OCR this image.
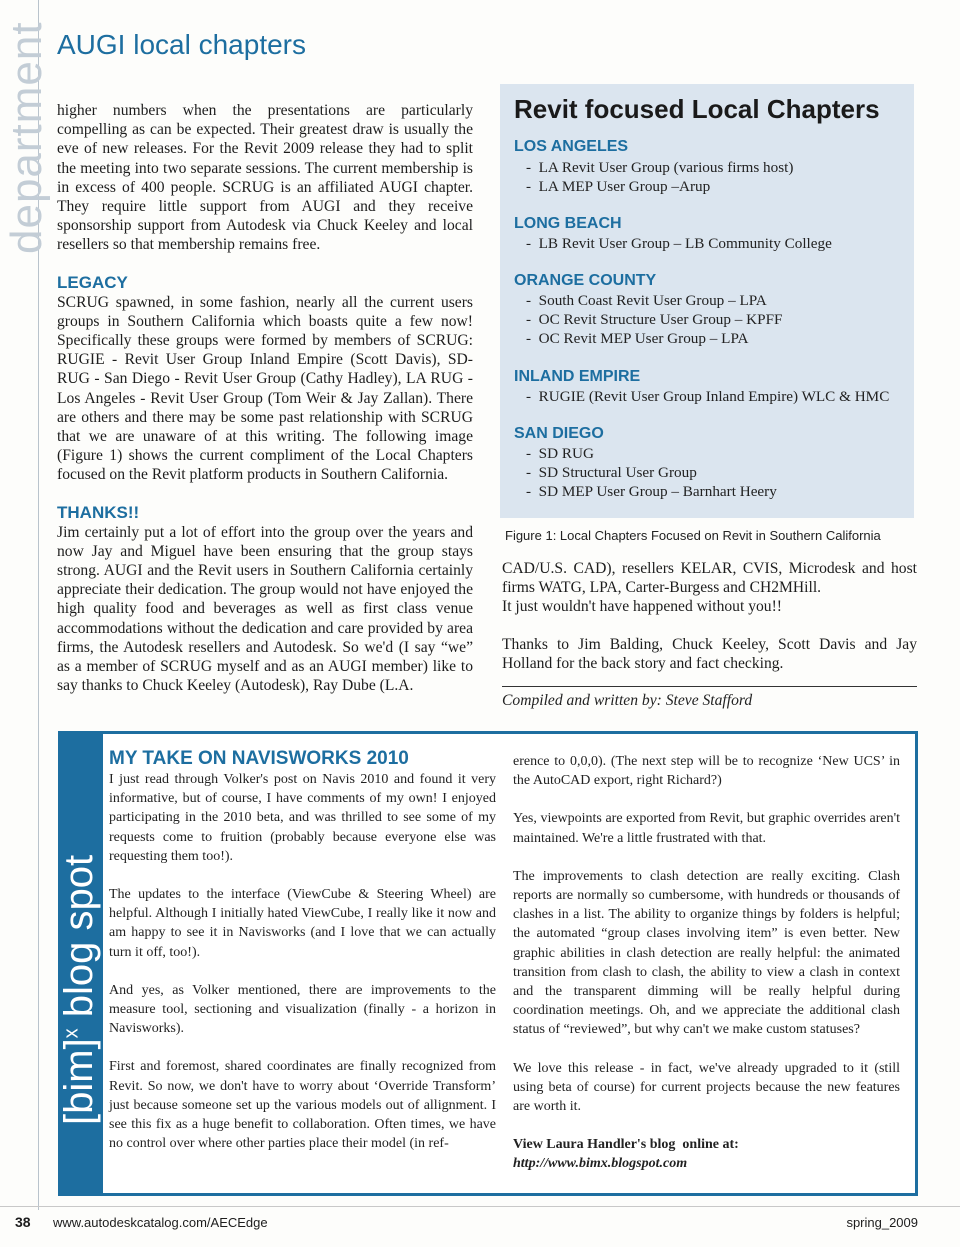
department AUGI local chapters

higher numbers when the presentations are particularly compelling as can be expected. Their greatest draw is usually the eve of new releases. For the Revit 2009 release they had to split the meeting into two separate sessions. The current membership is in excess of 400 people. SCRUG is an affiliated AUGI chapter. They require little support from AUGI and they receive sponsorship support from Autodesk via Chuck Keeley and local resellers so that membership remains free.

LEGACY

SCRUG spawned, in some fashion, nearly all the current users groups in Southern California which boasts quite a few now! Specifically these groups were formed by members of SCRUG: RUGIE - Revit User Group Inland Empire (Scott Davis), SD-RUG - San Diego - Revit User Group (Cathy Hadley), LA RUG - Los Angeles - Revit User Group (Tom Weir & Jay Zallan). There are others and there may be some past relationship with SCRUG that we are unaware of at this writing. The following image (Figure 1) shows the current compliment of the Local Chapters focused on the Revit platform products in Southern California.

THANKS!!

Jim certainly put a lot of effort into the group over the years and now Jay and Miguel have been ensuring that the group stays strong. AUGI and the Revit users in Southern California certainly appreciate their dedication. The group would not have enjoyed the high quality food and beverages as well as first class venue accommodations without the dedication and care provided by area firms, the Autodesk resellers and Autodesk. So we'd (I say “we” as a member of SCRUG myself and as an AUGI member) like to say thanks to Chuck Keeley (Autodesk), Ray Dube (L.A.

Revit focused Local Chapters
LOS ANGELES
- LA Revit User Group (various firms host)
- LA MEP User Group –Arup
LONG BEACH
- LB Revit User Group – LB Community College
ORANGE COUNTY
- South Coast Revit User Group – LPA
- OC Revit Structure User Group – KPFF
- OC Revit MEP User Group – LPA
INLAND EMPIRE
- RUGIE (Revit User Group Inland Empire) WLC & HMC
SAN DIEGO
- SD RUG
- SD Structural User Group
- SD MEP User Group – Barnhart Heery
Figure 1: Local Chapters Focused on Revit in Southern California

CAD/U.S. CAD), resellers KELAR, CVIS, Microdesk and host firms WATG, LPA, Carter-Burgess and CH2MHill.

It just wouldn't have happened without you!!

Thanks to Jim Balding, Chuck Keeley, Scott Davis and Jay Holland for the back story and fact checking.

Compiled and written by: Steve Stafford
[bim]$^x$ blog spot
MY TAKE ON NAVISWORKS 2010

I just read through Volker's post on Navis 2010 and found it very informative, but of course, I have comments of my own! I enjoyed participating in the 2010 beta, and was thrilled to see some of my requests come to fruition (probably because everyone else was requesting them too!).

The updates to the interface (ViewCube & Steering Wheel) are helpful. Although I initially hated ViewCube, I really like it now and am happy to see it in Navisworks (and I love that we can actually turn it off, too!).

And yes, as Volker mentioned, there are improvements to the measure tool, sectioning and visualization (finally - a horizon in Navisworks).

First and foremost, shared coordinates are finally recognized from Revit. So now, we don't have to worry about ‘Override Transform’ just because someone set up the various models out of allignment. I see this fix as a huge benefit to collaboration. Often times, we have no control over where other parties place their model (in ref-

erence to 0,0,0). (The next step will be to recognize ‘New UCS’ in the AutoCAD export, right Richard?)

Yes, viewpoints are exported from Revit, but graphic overrides aren't maintained. We're a little frustrated with that.

The improvements to clash detection are really exciting. Clash reports are normally so cumbersome, with hundreds or thousands of clashes in a list. The ability to organize things by folders is helpful; the automated “group clases involving item” is even better. New graphic abilities in clash detection are really helpful: the animated transition from clash to clash, the ability to view a clash in context and the transparent dimming will be really helpful during coordination meetings. Oh, and we appreciate the additional clash status of “reviewed”, but why can't we make custom statuses?

We love this release - in fact, we've already upgraded to it (still using beta of course) for current projects because the new features are worth it.

View Laura Handler's blog  online at:
http://www.bimx.blogspot.com
38 www.autodeskcatalog.com/AECEdge	spring_2009
